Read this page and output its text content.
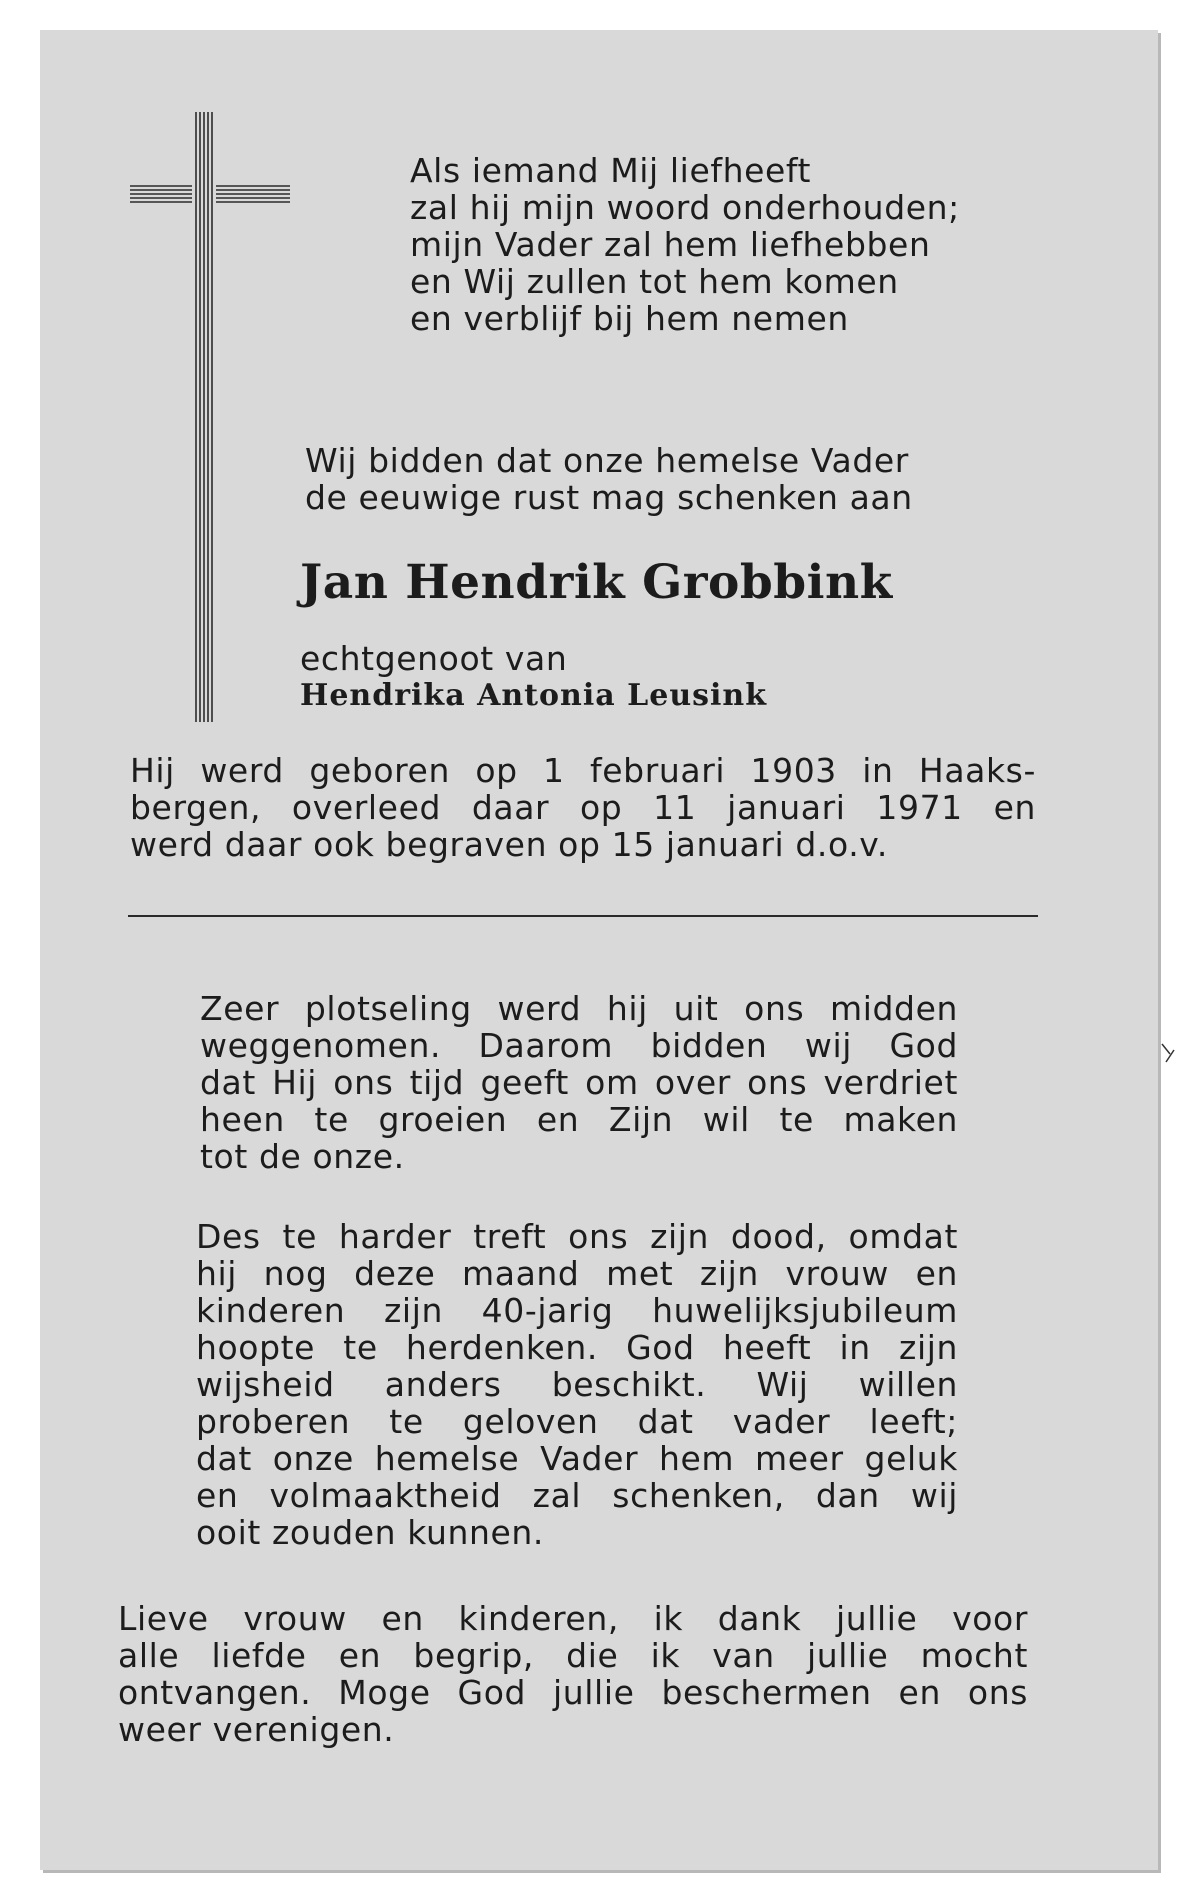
Als iemand Mij liefheeft
zal hij mijn woord onderhouden;
mijn Vader zal hem liefhebben
en Wij zullen tot hem komen
en verblijf bij hem nemen
Wij bidden dat onze hemelse Vader
de eeuwige rust mag schenken aan
Jan Hendrik Grobbink
echtgenoot van
Hendrika Antonia Leusink
Hij werd geboren op 1 februari 1903 in Haaks-
bergen, overleed daar op 11 januari 1971 en
werd daar ook begraven op 15 januari d.o.v.
Zeer plotseling werd hij uit ons midden
weggenomen. Daarom bidden wij God
dat Hij ons tijd geeft om over ons verdriet
heen te groeien en Zijn wil te maken
tot de onze.
Des te harder treft ons zijn dood, omdat
hij nog deze maand met zijn vrouw en
kinderen zijn 40-jarig huwelijksjubileum
hoopte te herdenken. God heeft in zijn
wijsheid anders beschikt. Wij willen
proberen te geloven dat vader leeft;
dat onze hemelse Vader hem meer geluk
en volmaaktheid zal schenken, dan wij
ooit zouden kunnen.
Lieve vrouw en kinderen, ik dank jullie voor
alle liefde en begrip, die ik van jullie mocht
ontvangen. Moge God jullie beschermen en ons
weer verenigen.
